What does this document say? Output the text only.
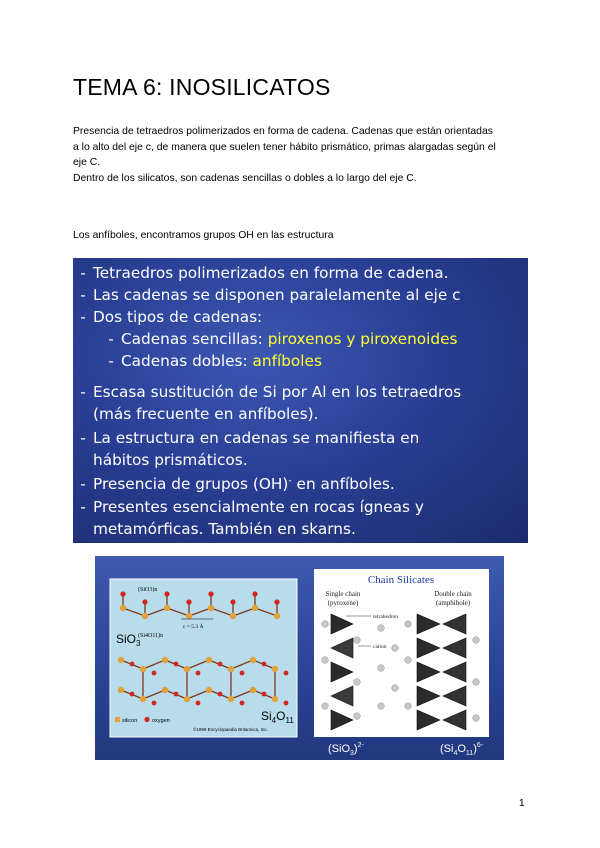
TEMA 6: INOSILICATOS
Presencia de tetraedros polimerizados en forma de cadena. Cadenas que están orientadas
a lo alto del eje c, de manera que suelen tener hábito prismático, primas alargadas según el
eje C.
Dentro de los silicatos, son cadenas sencillas o dobles a lo largo del eje C.
Los anfíboles, encontramos grupos OH en las estructura
- Tetraedros polimerizados en forma de cadena.
- Las cadenas se disponen paralelamente al eje c
- Dos tipos de cadenas:
- Cadenas sencillas: piroxenos y piroxenoides
- Cadenas dobles: anfíboles
- Escasa sustitución de Si por Al en los tetraedros
(más frecuente en anfíboles).
- La estructura en cadenas se manifiesta en
hábitos prismáticos.
- Presencia de grupos (OH)- en anfíboles.
- Presentes esencialmente en rocas ígneas y
metamórficas. También en skarns.
(SiO3)n
(Si4O11)n
c = 5.3 Å
SiO$_3$
$Si_4O_{11}$
silicon	oxygen
©1996 Encyclopaedia Britannica, Inc.
Chain Silicates
Single chain
(pyroxene)
Double chain
(amphibole)
tetrahedron
cation
$(SiO_3)^{2-}$	$(Si_4O_{11})^{6-}$
1
